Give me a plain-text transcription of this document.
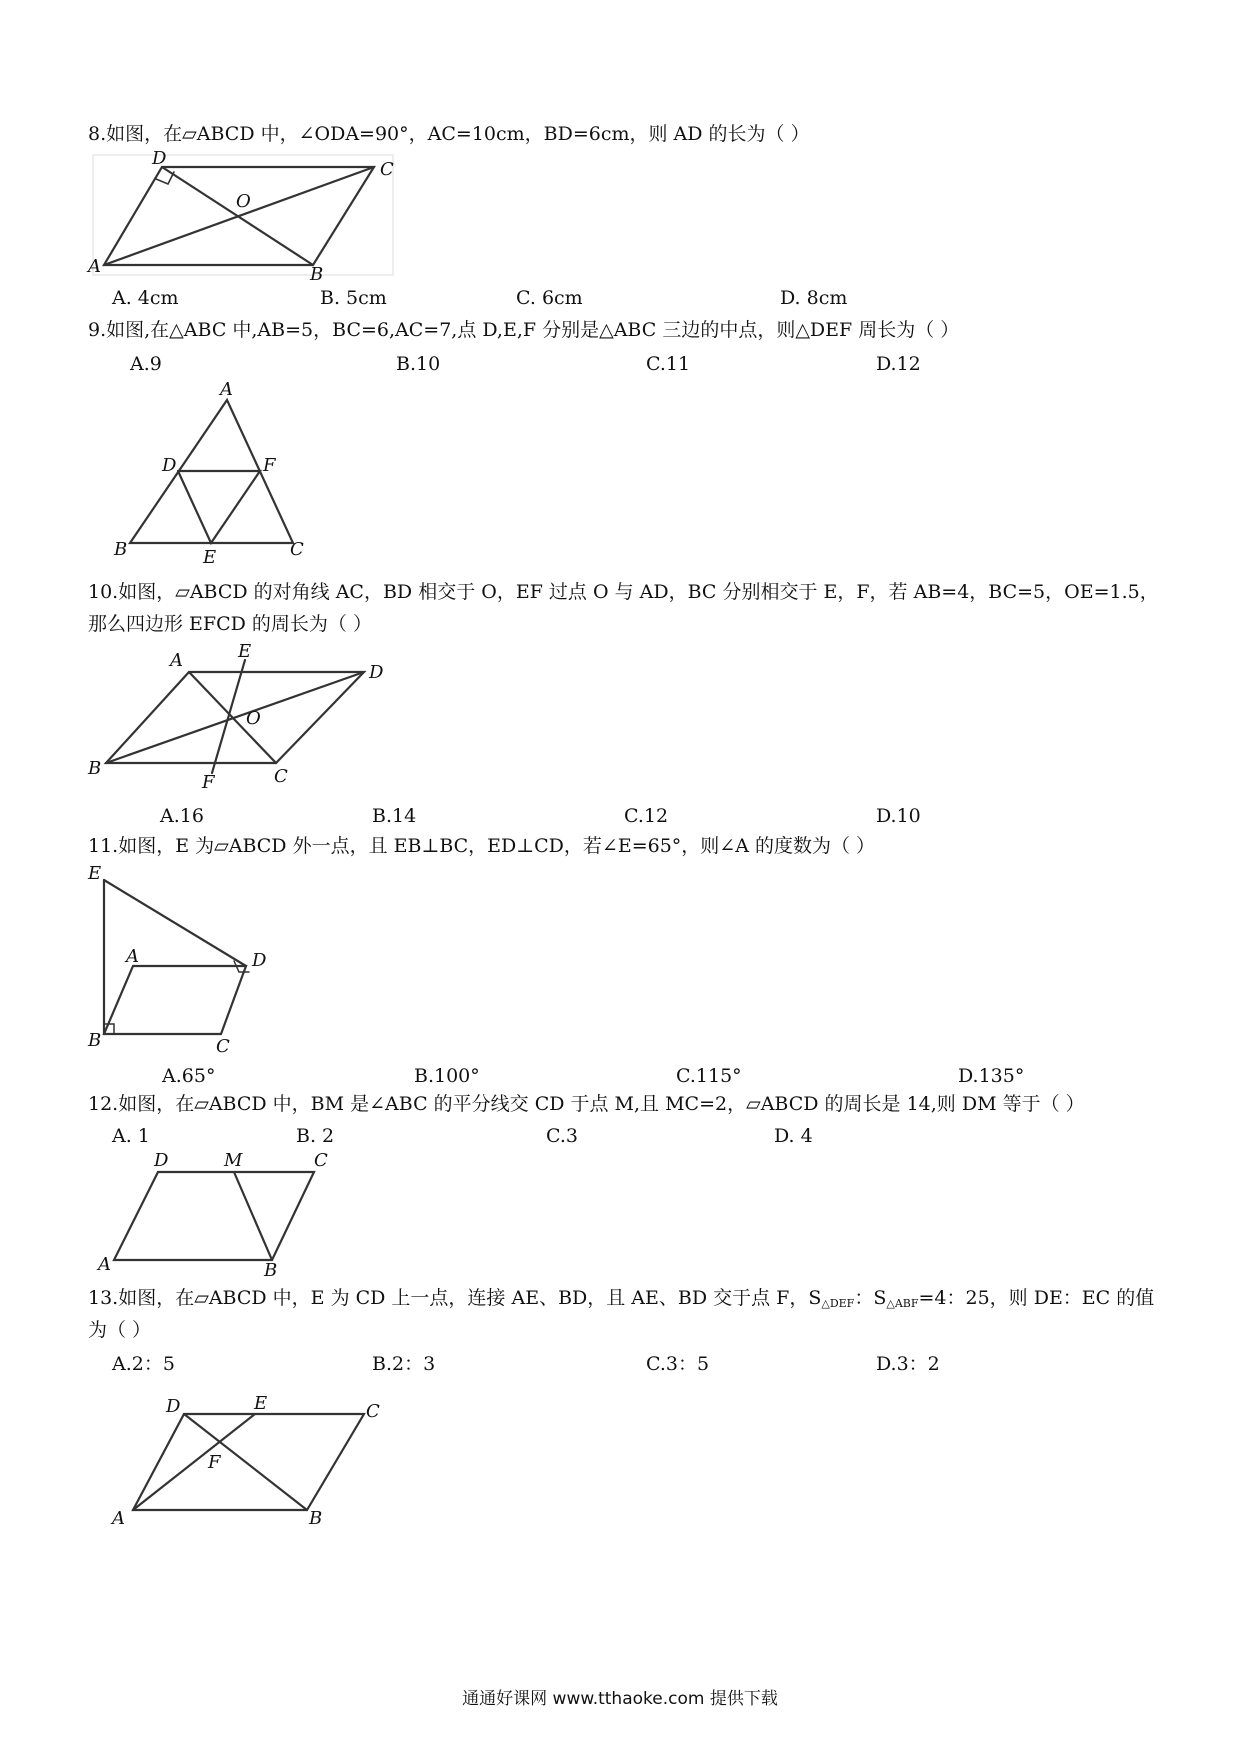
8.如图，在▱ABCD 中，∠ODA=90°，AC=10cm，BD=6cm，则 AD 的长为（ ）
A	B
C
D
O
A. 4cm	B. 5cm	C. 6cm	D. 8cm
9.如图,在△ABC 中,AB=5，BC=6,AC=7,点 D,E,F 分别是△ABC 三边的中点，则△DEF 周长为（ ）
A.9	B.10	C.11	D.12
A
B	C
D
E
F
10.如图，▱ABCD 的对角线 AC，BD 相交于 O，EF 过点 O 与 AD，BC 分别相交于 E，F，若 AB=4，BC=5，OE=1.5，
那么四边形 EFCD 的周长为（ ）
A
B	C
D
E
F
O
A.16	B.14	C.12	D.10
11.如图，E 为▱ABCD 外一点，且 EB⊥BC，ED⊥CD，若∠E=65°，则∠A 的度数为（ ）
E
A	D
B	C
A.65°	B.100°	C.115°	D.135°
12.如图，在▱ABCD 中，BM 是∠ABC 的平分线交 CD 于点 M,且 MC=2，▱ABCD 的周长是 14,则 DM 等于（ ）
A. 1	B. 2	C.3	D. 4
D	M	C
A	B
13.如图，在▱ABCD 中，E 为 CD 上一点，连接 AE、BD，且 AE、BD 交于点 F，$S_{\triangle DEF}$：$S_{\triangle ABF}=4$：25，则 DE：EC 的值
为（ ）
A.2：5	B.2：3	C.3：5	D.3：2
D	E	C
F
A	B
通通好课网 www.tthaoke.com 提供下载
